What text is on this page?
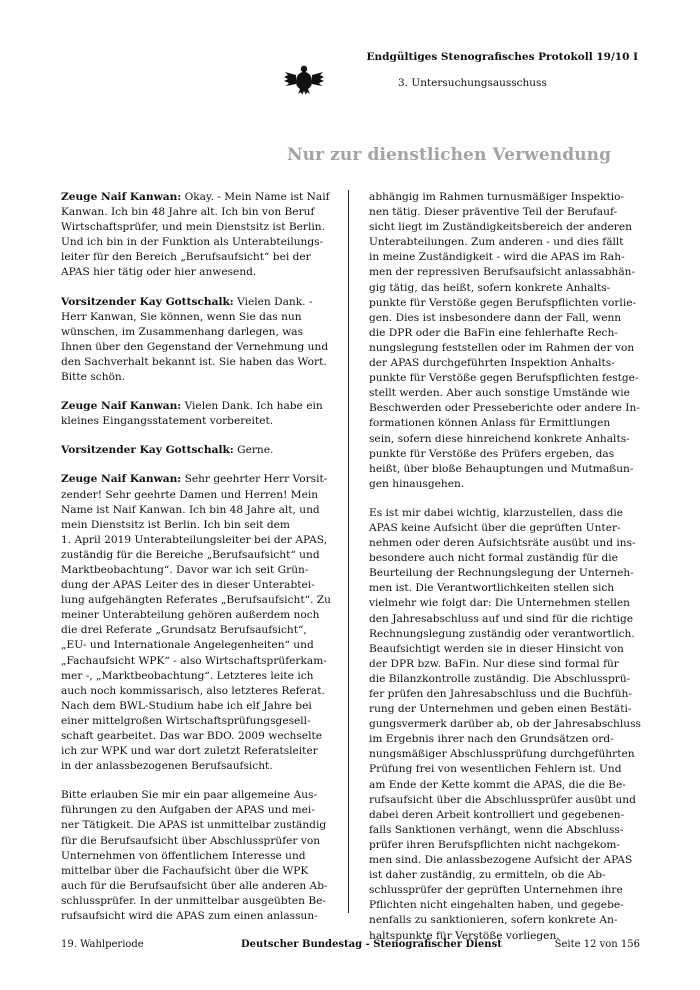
Endgültiges Stenografisches Protokoll 19/10 I
3. Untersuchungsausschuss
Nur zur dienstlichen Verwendung

Zeuge Naif Kanwan: Okay. - Mein Name ist Naif
Kanwan. Ich bin 48 Jahre alt. Ich bin von Beruf
Wirtschaftsprüfer, und mein Dienstsitz ist Berlin.
Und ich bin in der Funktion als Unterabteilungs-
leiter für den Bereich „Berufsaufsicht“ bei der
APAS hier tätig oder hier anwesend.

Vorsitzender Kay Gottschalk: Vielen Dank. -
Herr Kanwan, Sie können, wenn Sie das nun
wünschen, im Zusammenhang darlegen, was
Ihnen über den Gegenstand der Vernehmung und
den Sachverhalt bekannt ist. Sie haben das Wort.
Bitte schön.

Zeuge Naif Kanwan: Vielen Dank. Ich habe ein
kleines Eingangsstatement vorbereitet.

Vorsitzender Kay Gottschalk: Gerne.

Zeuge Naif Kanwan: Sehr geehrter Herr Vorsit-
zender! Sehr geehrte Damen und Herren! Mein
Name ist Naif Kanwan. Ich bin 48 Jahre alt, und
mein Dienstsitz ist Berlin. Ich bin seit dem
1. April 2019 Unterabteilungsleiter bei der APAS,
zuständig für die Bereiche „Berufsaufsicht“ und
Marktbeobachtung“. Davor war ich seit Grün-
dung der APAS Leiter des in dieser Unterabtei-
lung aufgehängten Referates „Berufsaufsicht“. Zu
meiner Unterabteilung gehören außerdem noch
die drei Referate „Grundsatz Berufsaufsicht“,
„EU- und Internationale Angelegenheiten“ und
„Fachaufsicht WPK“ - also Wirtschaftsprüferkam-
mer -, „Marktbeobachtung“. Letzteres leite ich
auch noch kommissarisch, also letzteres Referat.
Nach dem BWL-Studium habe ich elf Jahre bei
einer mittelgroßen Wirtschaftsprüfungsgesell-
schaft gearbeitet. Das war BDO. 2009 wechselte
ich zur WPK und war dort zuletzt Referatsleiter
in der anlassbezogenen Berufsaufsicht.

Bitte erlauben Sie mir ein paar allgemeine Aus-
führungen zu den Aufgaben der APAS und mei-
ner Tätigkeit. Die APAS ist unmittelbar zuständig
für die Berufsaufsicht über Abschlussprüfer von
Unternehmen von öffentlichem Interesse und
mittelbar über die Fachaufsicht über die WPK
auch für die Berufsaufsicht über alle anderen Ab-
schlussprüfer. In der unmittelbar ausgeübten Be-
rufsaufsicht wird die APAS zum einen anlassun-

abhängig im Rahmen turnusmäßiger Inspektio-
nen tätig. Dieser präventive Teil der Berufauf-
sicht liegt im Zuständigkeitsbereich der anderen
Unterabteilungen. Zum anderen - und dies fällt
in meine Zuständigkeit - wird die APAS im Rah-
men der repressiven Berufsaufsicht anlassabhän-
gig tätig, das heißt, sofern konkrete Anhalts-
punkte für Verstöße gegen Berufspflichten vorlie-
gen. Dies ist insbesondere dann der Fall, wenn
die DPR oder die BaFin eine fehlerhafte Rech-
nungslegung feststellen oder im Rahmen der von
der APAS durchgeführten Inspektion Anhalts-
punkte für Verstöße gegen Berufspflichten festge-
stellt werden. Aber auch sonstige Umstände wie
Beschwerden oder Presseberichte oder andere In-
formationen können Anlass für Ermittlungen
sein, sofern diese hinreichend konkrete Anhalts-
punkte für Verstöße des Prüfers ergeben, das
heißt, über bloße Behauptungen und Mutmaßun-
gen hinausgehen.

Es ist mir dabei wichtig, klarzustellen, dass die
APAS keine Aufsicht über die geprüften Unter-
nehmen oder deren Aufsichtsräte ausübt und ins-
besondere auch nicht formal zuständig für die
Beurteilung der Rechnungslegung der Unterneh-
men ist. Die Verantwortlichkeiten stellen sich
vielmehr wie folgt dar: Die Unternehmen stellen
den Jahresabschluss auf und sind für die richtige
Rechnungslegung zuständig oder verantwortlich.
Beaufsichtigt werden sie in dieser Hinsicht von
der DPR bzw. BaFin. Nur diese sind formal für
die Bilanzkontrolle zuständig. Die Abschlussprü-
fer prüfen den Jahresabschluss und die Buchfüh-
rung der Unternehmen und geben einen Bestäti-
gungsvermerk darüber ab, ob der Jahresabschluss
im Ergebnis ihrer nach den Grundsätzen ord-
nungsmäßiger Abschlussprüfung durchgeführten
Prüfung frei von wesentlichen Fehlern ist. Und
am Ende der Kette kommt die APAS, die die Be-
rufsaufsicht über die Abschlussprüfer ausübt und
dabei deren Arbeit kontrolliert und gegebenen-
falls Sanktionen verhängt, wenn die Abschluss-
prüfer ihren Berufspflichten nicht nachgekom-
men sind. Die anlassbezogene Aufsicht der APAS
ist daher zuständig, zu ermitteln, ob die Ab-
schlussprüfer der geprüften Unternehmen ihre
Pflichten nicht eingehalten haben, und gegebe-
nenfalls zu sanktionieren, sofern konkrete An-
haltspunkte für Verstöße vorliegen.

19. Wahlperiode	Deutscher Bundestag - Stenografischer Dienst	Seite 12 von 156
